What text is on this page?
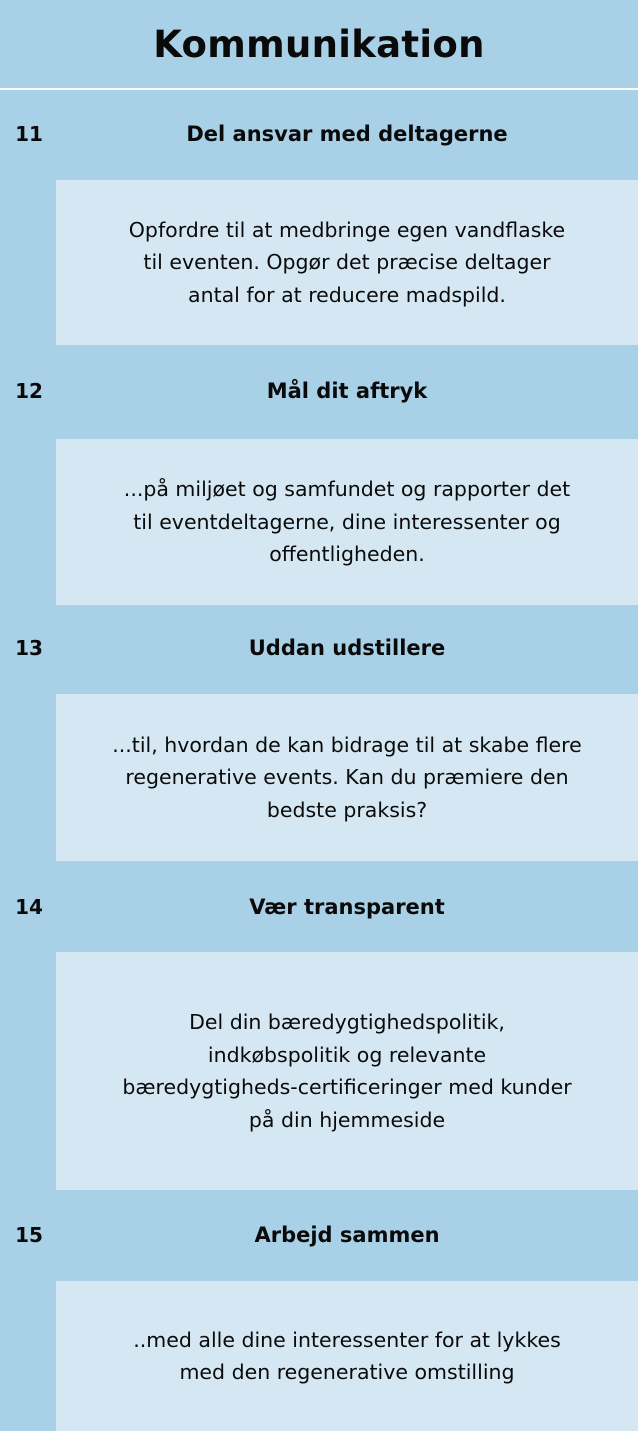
Kommunikation
11	Del ansvar med deltagerne

Opfordre til at medbringe egen vandflaske
til eventen. Opgør det præcise deltager
antal for at reducere madspild.

12	Mål dit aftryk

...på miljøet og samfundet og rapporter det
til eventdeltagerne, dine interessenter og
offentligheden.

13	Uddan udstillere

...til, hvordan de kan bidrage til at skabe flere
regenerative events. Kan du præmiere den
bedste praksis?

14	Vær transparent

Del din bæredygtighedspolitik,
indkøbspolitik og relevante
bæredygtigheds-certificeringer med kunder
på din hjemmeside

15	Arbejd sammen

..med alle dine interessenter for at lykkes
med den regenerative omstilling
